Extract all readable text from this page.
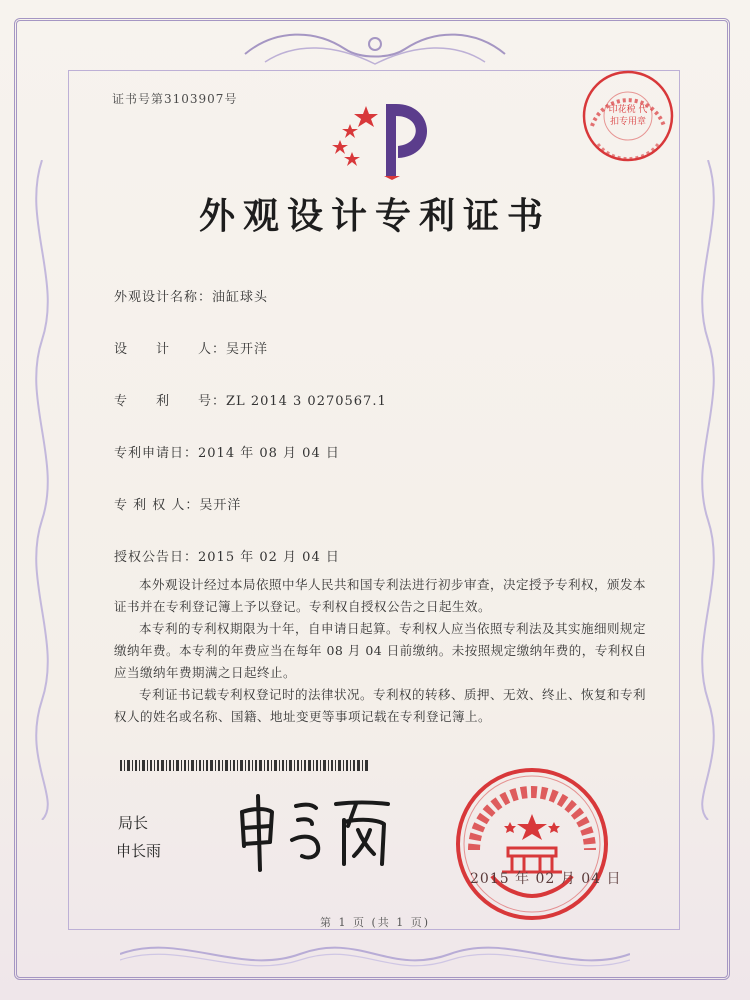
证书号第3103907号
印花税 代扣专用章
外观设计专利证书
外观设计名称：油缸球头
设　　计　　人：吴开洋
专　　利　　号：ZL 2014 3 0270567.1
专利申请日：2014 年 08 月 04 日
专 利 权 人：吴开洋
授权公告日：2015 年 02 月 04 日

本外观设计经过本局依照中华人民共和国专利法进行初步审查，决定授予专利权，颁发本证书并在专利登记簿上予以登记。专利权自授权公告之日起生效。

本专利的专利权期限为十年，自申请日起算。专利权人应当依照专利法及其实施细则规定缴纳年费。本专利的年费应当在每年 08 月 04 日前缴纳。未按照规定缴纳年费的，专利权自应当缴纳年费期满之日起终止。

专利证书记载专利权登记时的法律状况。专利权的转移、质押、无效、终止、恢复和专利权人的姓名或名称、国籍、地址变更等事项记载在专利登记簿上。

局长
申长雨
2015 年 02 月 04 日
第 1 页 (共 1 页)
